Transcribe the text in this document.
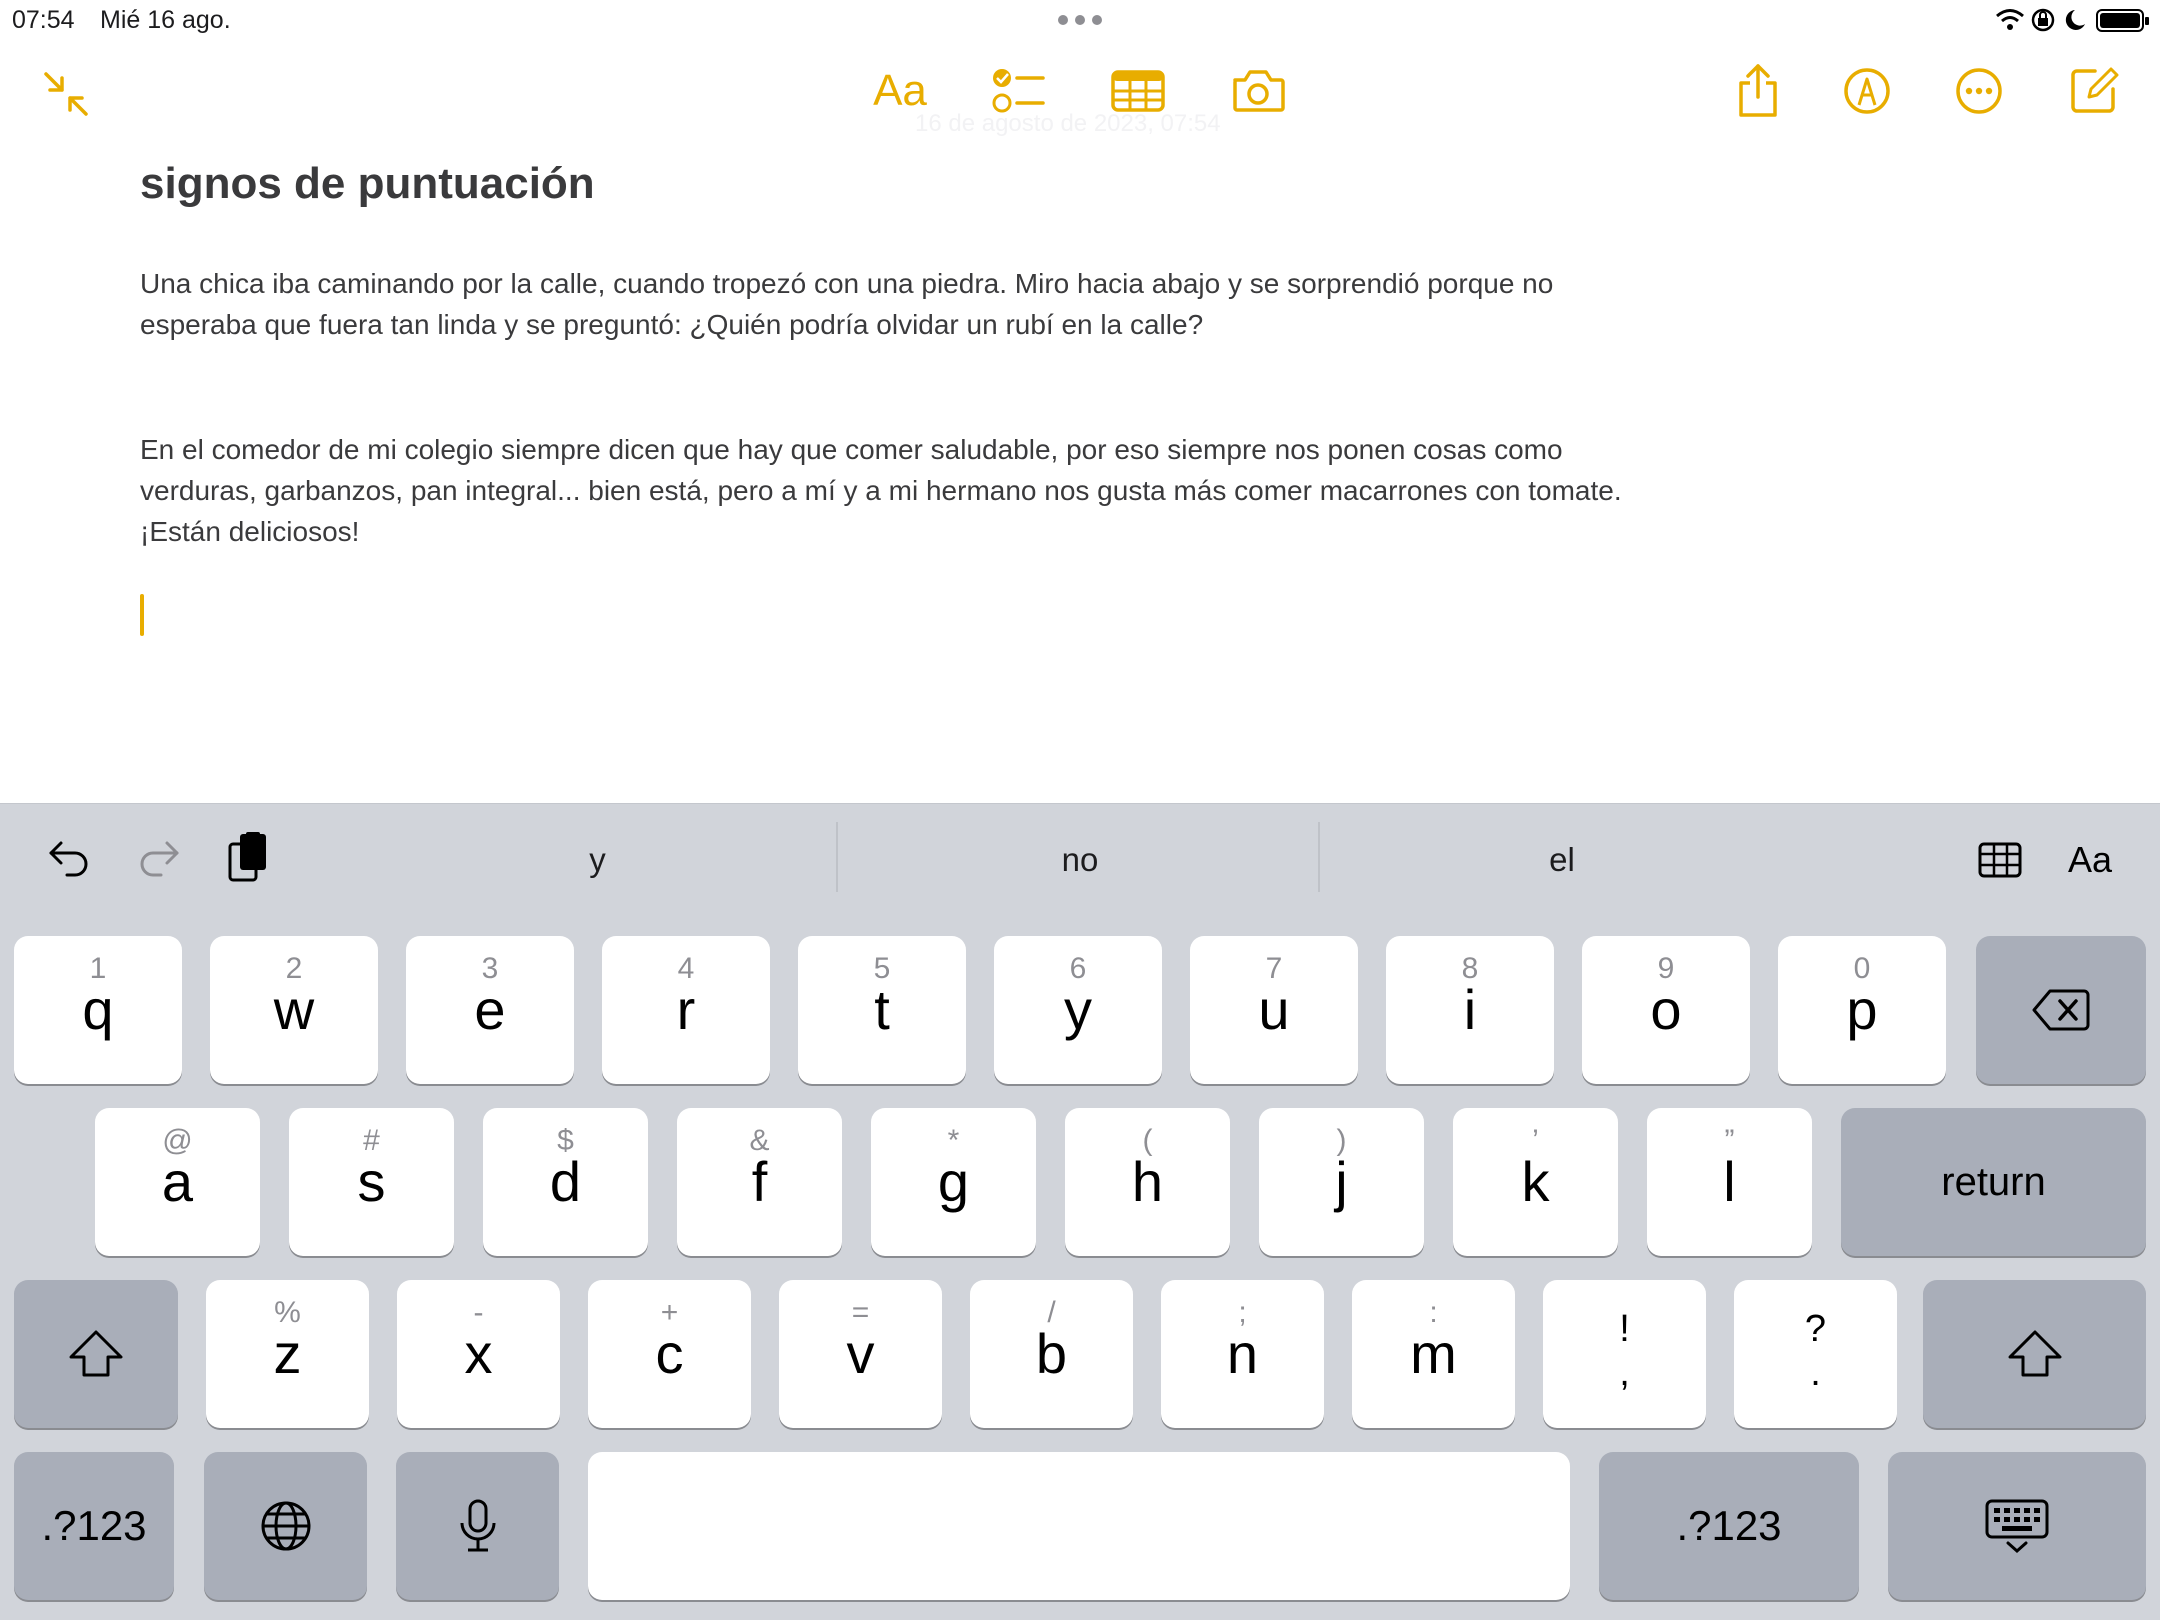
07:54 Mié 16 ago.
Aa
16 de agosto de 2023, 07:54
signos de puntuación

Una chica iba caminando por la calle, cuando tropezó con una piedra. Miro hacia abajo y se sorprendió porque no esperaba que fuera tan linda y se preguntó: ¿Quién podría olvidar un rubí en la calle?

En el comedor de mi colegio siempre dicen que hay que comer saludable, por eso siempre nos ponen cosas como verduras, garbanzos, pan integral... bien está, pero a mí y a mi hermano nos gusta más comer macarrones con tomate. ¡Están deliciosos!

y	no	el	Aa
1
q
2
w
3
e
4
r
5
t
6
y
7
u
8
i
9
o
0
p
@
a
#
s
$
d
&
f
*
g
(
h
)
j
’
k
”
l	return
%
z
-
x
+
c
=
v
/
b
;
n
:
m	!
,
?
.
.?123	.?123
